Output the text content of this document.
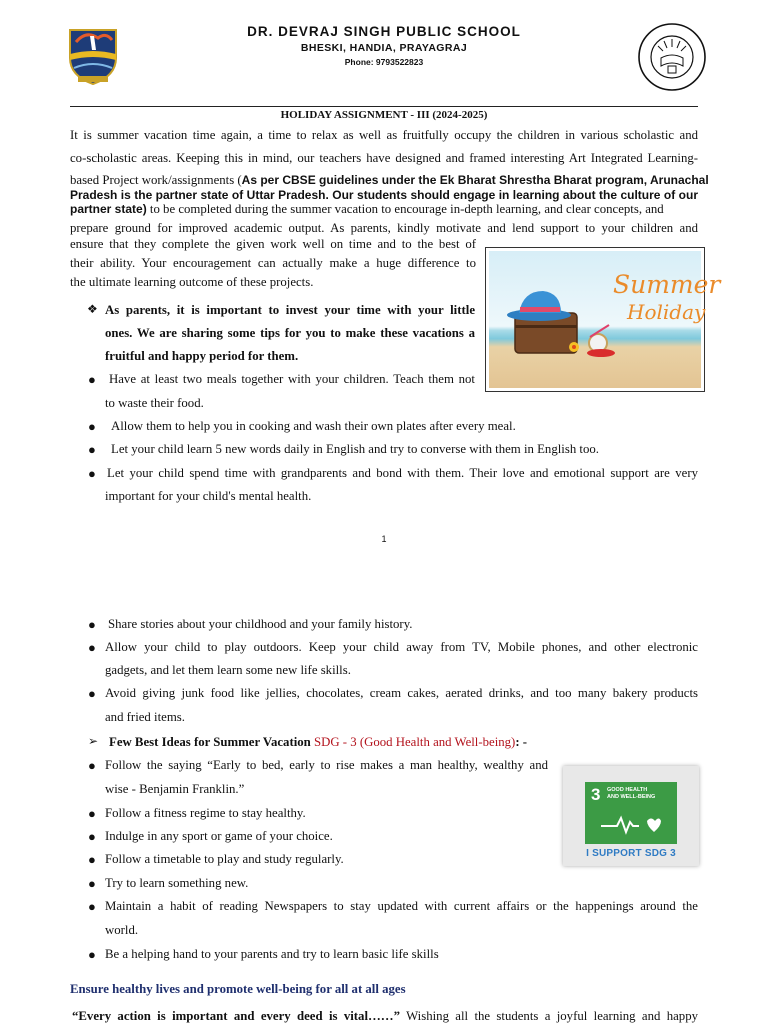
DR. DEVRAJ SINGH PUBLIC SCHOOL
BHESKI, HANDIA, PRAYAGRAJ
Phone: 9793522823
HOLIDAY ASSIGNMENT - III (2024-2025)
It is summer vacation time again, a time to relax as well as fruitfully occupy the children in various scholastic and
co-scholastic areas. Keeping this in mind, our teachers have designed and framed interesting Art Integrated Learning-
based Project work/assignments (As per CBSE guidelines under the Ek Bharat Shrestha Bharat program, Arunachal
Pradesh is the partner state of Uttar Pradesh. Our students should engage in learning about the culture of our
partner state) to be completed during the summer vacation to encourage in-depth learning, and clear concepts, and
prepare ground for improved academic output. As parents, kindly motivate and lend support to your children and
ensure that they complete the given work well on time and to the best of
their ability. Your encouragement can actually make a huge difference to
the ultimate learning outcome of these projects.	Summer
Holiday
❖ As parents, it is important to invest your time with your little
ones. We are sharing some tips for you to make these vacations a
fruitful and happy period for them.
● Have at least two meals together with your children. Teach them not
to waste their food.
● Allow them to help you in cooking and wash their own plates after every meal.
● Let your child learn 5 new words daily in English and try to converse with them in English too.
● Let your child spend time with grandparents and bond with them. Their love and emotional support are very
important for your child's mental health.
1
● Share stories about your childhood and your family history.
● Allow your child to play outdoors. Keep your child away from TV, Mobile phones, and other electronic
gadgets, and let them learn some new life skills.
● Avoid giving junk food like jellies, chocolates, cream cakes, aerated drinks, and too many bakery products
and fried items.
➢ Few Best Ideas for Summer Vacation SDG - 3 (Good Health and Well-being): -
● Follow the saying “Early to bed, early to rise makes a man healthy, wealthy and
wise - Benjamin Franklin.”
● Follow a fitness regime to stay healthy.
● Indulge in any sport or game of your choice.
● Follow a timetable to play and study regularly.
● Try to learn something new.
● Maintain a habit of reading Newspapers to stay updated with current affairs or the happenings around the
world.
● Be a helping hand to your parents and try to learn basic life skills
3 GOOD HEALTH
AND WELL-BEING
I SUPPORT SDG 3
Ensure healthy lives and promote well-being for all at all ages
“Every action is important and every deed is vital……” Wishing all the students a joyful learning and happy
